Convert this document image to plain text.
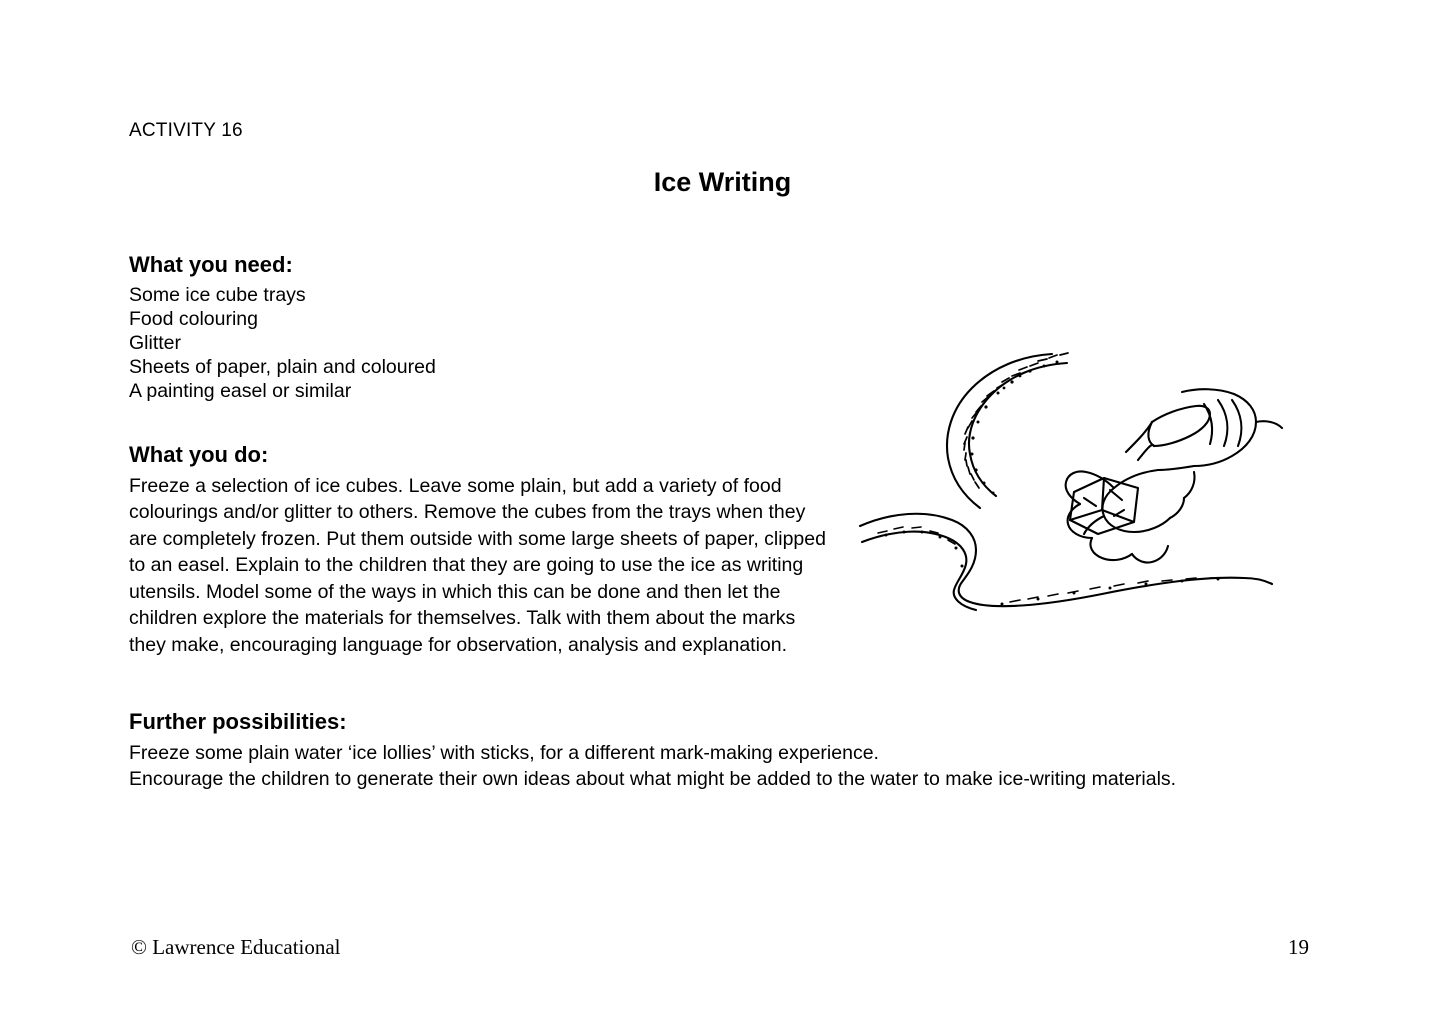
ACTIVITY 16
Ice Writing

What you need:

Some ice cube trays

Food colouring

Glitter

Sheets of paper, plain and coloured

A painting easel or similar

What you do:

Freeze a selection of ice cubes. Leave some plain, but add a variety of food colourings and/or glitter to others. Remove the cubes from the trays when they are completely frozen. Put them outside with some large sheets of paper, clipped to an easel. Explain to the children that they are going to use the ice as writing utensils. Model some of the ways in which this can be done and then let the children explore the materials for themselves. Talk with them about the marks they make, encouraging language for observation, analysis and explanation.

Further possibilities:

Freeze some plain water ‘ice lollies’ with sticks, for a different mark-making experience.

Encourage the children to generate their own ideas about what might be added to the water to make ice-writing materials.

© Lawrence Educational	19
